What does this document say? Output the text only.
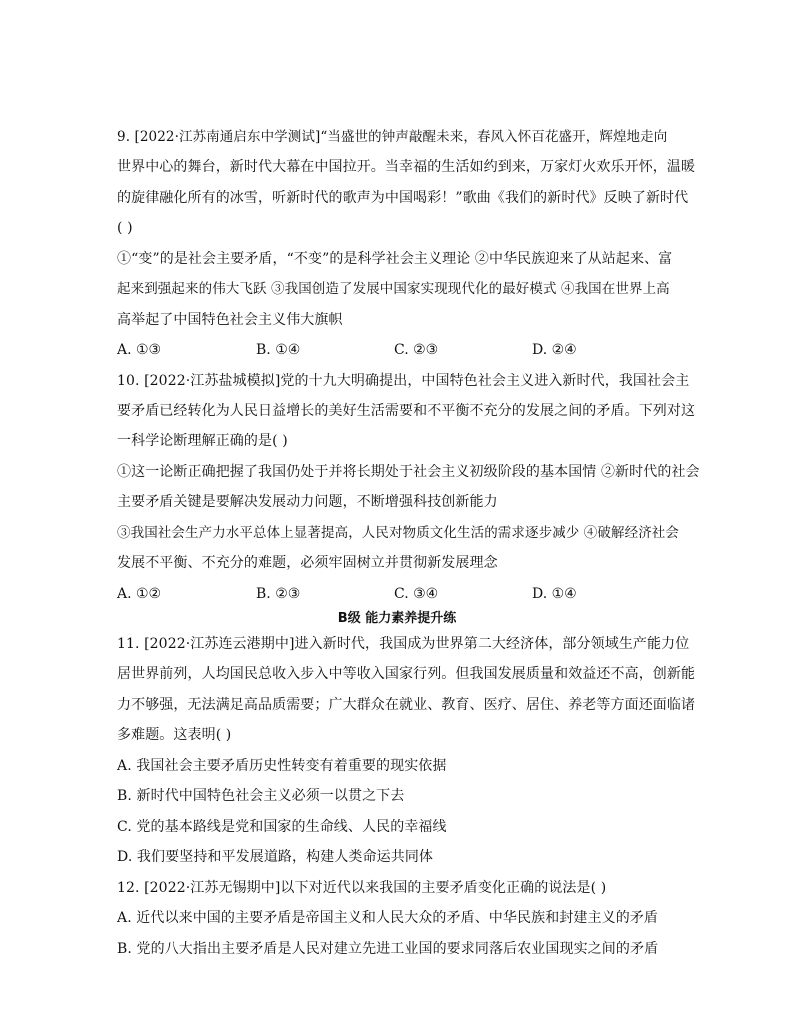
9. [2022·江苏南通启东中学测试]“当盛世的钟声敲醒未来，春风入怀百花盛开，辉煌地走向
世界中心的舞台，新时代大幕在中国拉开。当幸福的生活如约到来，万家灯火欢乐开怀，温暖
的旋律融化所有的冰雪，听新时代的歌声为中国喝彩！”歌曲《我们的新时代》反映了新时代
( )
①“变”的是社会主要矛盾，“不变”的是科学社会主义理论 ②中华民族迎来了从站起来、富
起来到强起来的伟大飞跃 ③我国创造了发展中国家实现现代化的最好模式 ④我国在世界上高
高举起了中国特色社会主义伟大旗帜
A. ①③	B. ①④	C. ②③	D. ②④
10. [2022·江苏盐城模拟]党的十九大明确提出，中国特色社会主义进入新时代，我国社会主
要矛盾已经转化为人民日益增长的美好生活需要和不平衡不充分的发展之间的矛盾。下列对这
一科学论断理解正确的是( )
①这一论断正确把握了我国仍处于并将长期处于社会主义初级阶段的基本国情 ②新时代的社会
主要矛盾关键是要解决发展动力问题，不断增强科技创新能力
③我国社会生产力水平总体上显著提高，人民对物质文化生活的需求逐步减少 ④破解经济社会
发展不平衡、不充分的难题，必须牢固树立并贯彻新发展理念
A. ①②	B. ②③	C. ③④	D. ①④
B级 能力素养提升练
11. [2022·江苏连云港期中]进入新时代，我国成为世界第二大经济体，部分领域生产能力位
居世界前列，人均国民总收入步入中等收入国家行列。但我国发展质量和效益还不高，创新能
力不够强，无法满足高品质需要；广大群众在就业、教育、医疗、居住、养老等方面还面临诸
多难题。这表明( )
A. 我国社会主要矛盾历史性转变有着重要的现实依据
B. 新时代中国特色社会主义必须一以贯之下去
C. 党的基本路线是党和国家的生命线、人民的幸福线
D. 我们要坚持和平发展道路，构建人类命运共同体
12. [2022·江苏无锡期中]以下对近代以来我国的主要矛盾变化正确的说法是( )
A. 近代以来中国的主要矛盾是帝国主义和人民大众的矛盾、中华民族和封建主义的矛盾
B. 党的八大指出主要矛盾是人民对建立先进工业国的要求同落后农业国现实之间的矛盾
